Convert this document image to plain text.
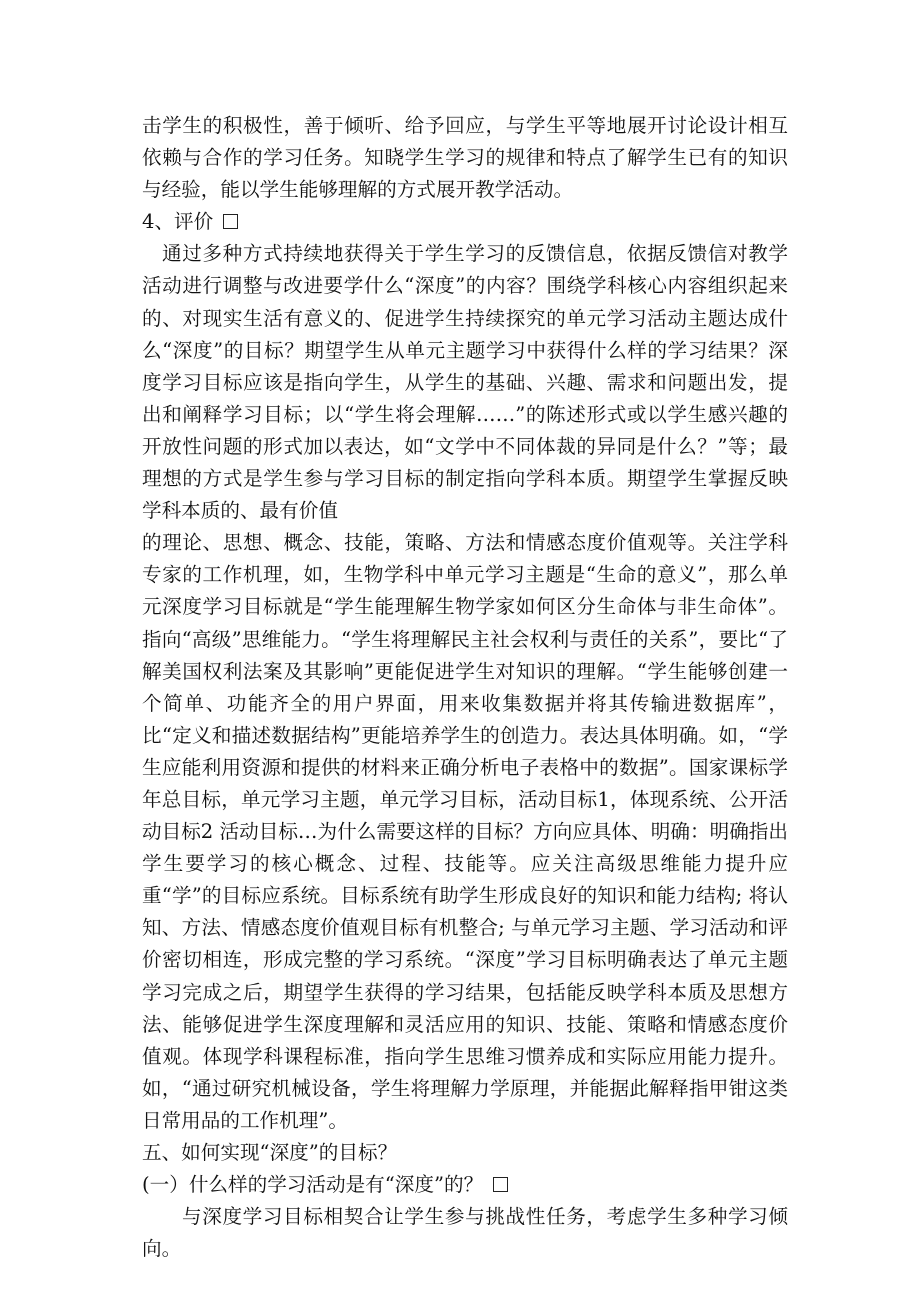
击学生的积极性，善于倾听、给予回应，与学生平等地展开讨论设计相互依赖与合作的学习任务。知晓学生学习的规律和特点了解学生已有的知识与经验，能以学生能够理解的方式展开教学活动。

4、评价

通过多种方式持续地获得关于学生学习的反馈信息，依据反馈信对教学活动进行调整与改进要学什么“深度”的内容？围绕学科核心内容组织起来的、对现实生活有意义的、促进学生持续探究的单元学习活动主题达成什么“深度”的目标？期望学生从单元主题学习中获得什么样的学习结果？深度学习目标应该是指向学生，从学生的基础、兴趣、需求和问题出发，提出和阐释学习目标；以“学生将会理解……”的陈述形式或以学生感兴趣的开放性问题的形式加以表达，如“文学中不同体裁的异同是什么？”等；最理想的方式是学生参与学习目标的制定指向学科本质。期望学生掌握反映学科本质的、最有价值

的理论、思想、概念、技能，策略、方法和情感态度价值观等。关注学科专家的工作机理，如，生物学科中单元学习主题是“生命的意义”，那么单元深度学习目标就是“学生能理解生物学家如何区分生命体与非生命体”。指向“高级”思维能力。“学生将理解民主社会权利与责任的关系”，要比“了解美国权利法案及其影响”更能促进学生对知识的理解。“学生能够创建一个简单、功能齐全的用户界面，用来收集数据并将其传输进数据库”，比“定义和描述数据结构”更能培养学生的创造力。表达具体明确。如，“学生应能利用资源和提供的材料来正确分析电子表格中的数据”。国家课标学年总目标，单元学习主题，单元学习目标，活动目标1，体现系统、公开活动目标2 活动目标…为什么需要这样的目标？方向应具体、明确：明确指出学生要学习的核心概念、过程、技能等。应关注高级思维能力提升应重“学”的目标应系统。目标系统有助学生形成良好的知识和能力结构; 将认知、方法、情感态度价值观目标有机整合; 与单元学习主题、学习活动和评价密切相连，形成完整的学习系统。“深度”学习目标明确表达了单元主题学习完成之后，期望学生获得的学习结果，包括能反映学科本质及思想方法、能够促进学生深度理解和灵活应用的知识、技能、策略和情感态度价值观。体现学科课程标准，指向学生思维习惯养成和实际应用能力提升。如，“通过研究机械设备，学生将理解力学原理，并能据此解释指甲钳这类日常用品的工作机理”。

五、如何实现“深度”的目标？

(一）什么样的学习活动是有“深度”的？

与深度学习目标相契合让学生参与挑战性任务，考虑学生多种学习倾向。
